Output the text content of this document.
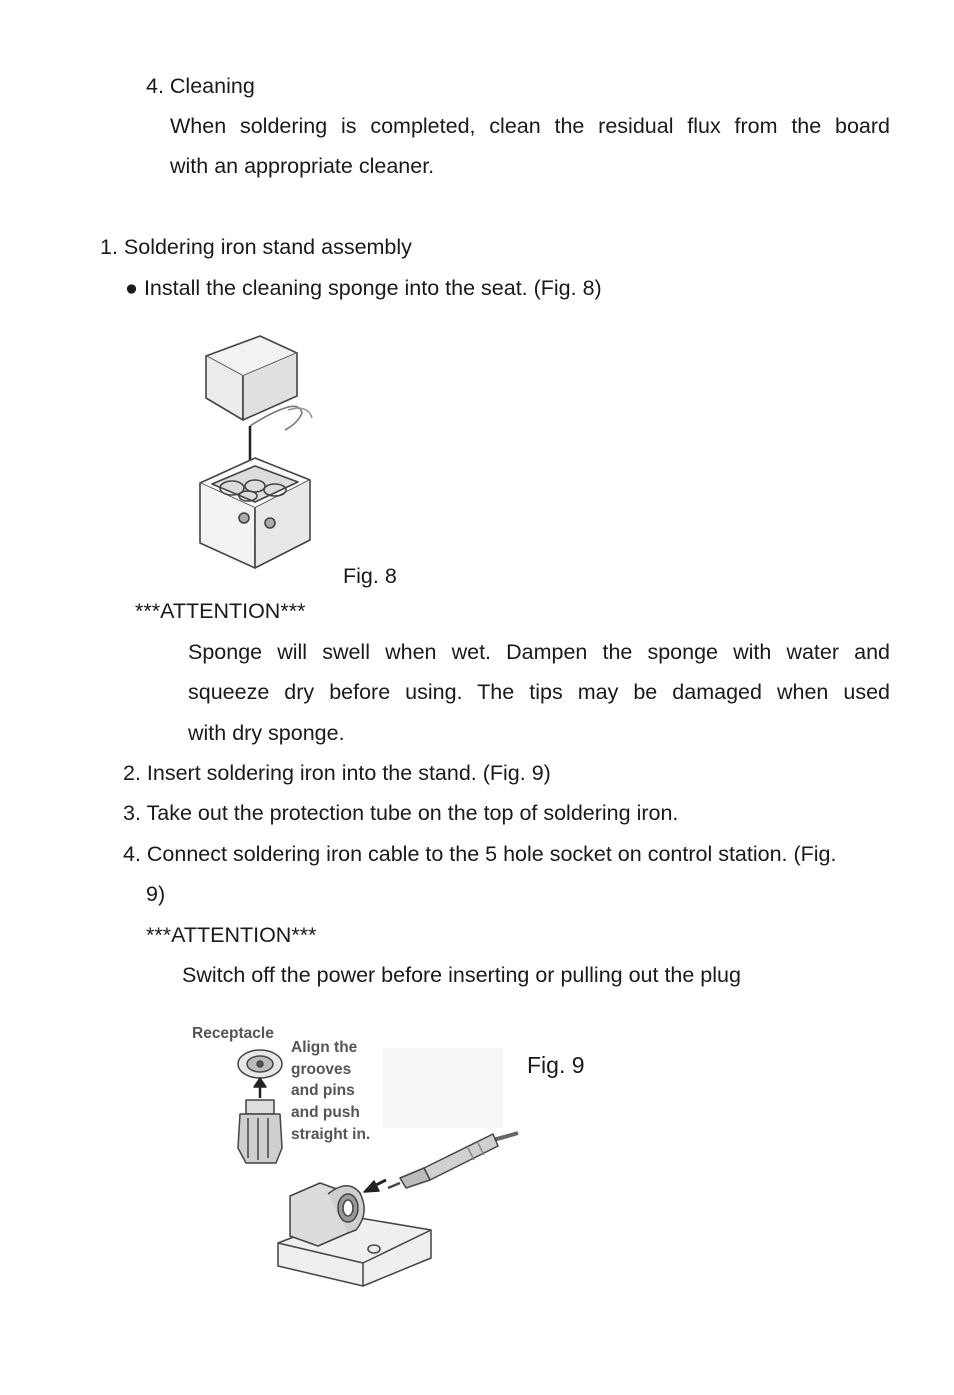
4. Cleaning
When soldering is completed, clean the residual flux from the board
with an appropriate cleaner.
1. Soldering iron stand assembly
● Install the cleaning sponge into the seat. (Fig. 8)
Fig. 8
***ATTENTION***
Sponge will swell when wet. Dampen the sponge with water and
squeeze dry before using. The tips may be damaged when used
with dry sponge.
2. Insert soldering iron into the stand. (Fig. 9)
3. Take out the protection tube on the top of soldering iron.
4. Connect soldering iron cable to the 5 hole socket on control station. (Fig.
9)
***ATTENTION***
Switch off the power before inserting or pulling out the plug
Receptacle
Align the
grooves
and pins
and push
straight in.
Fig. 9
